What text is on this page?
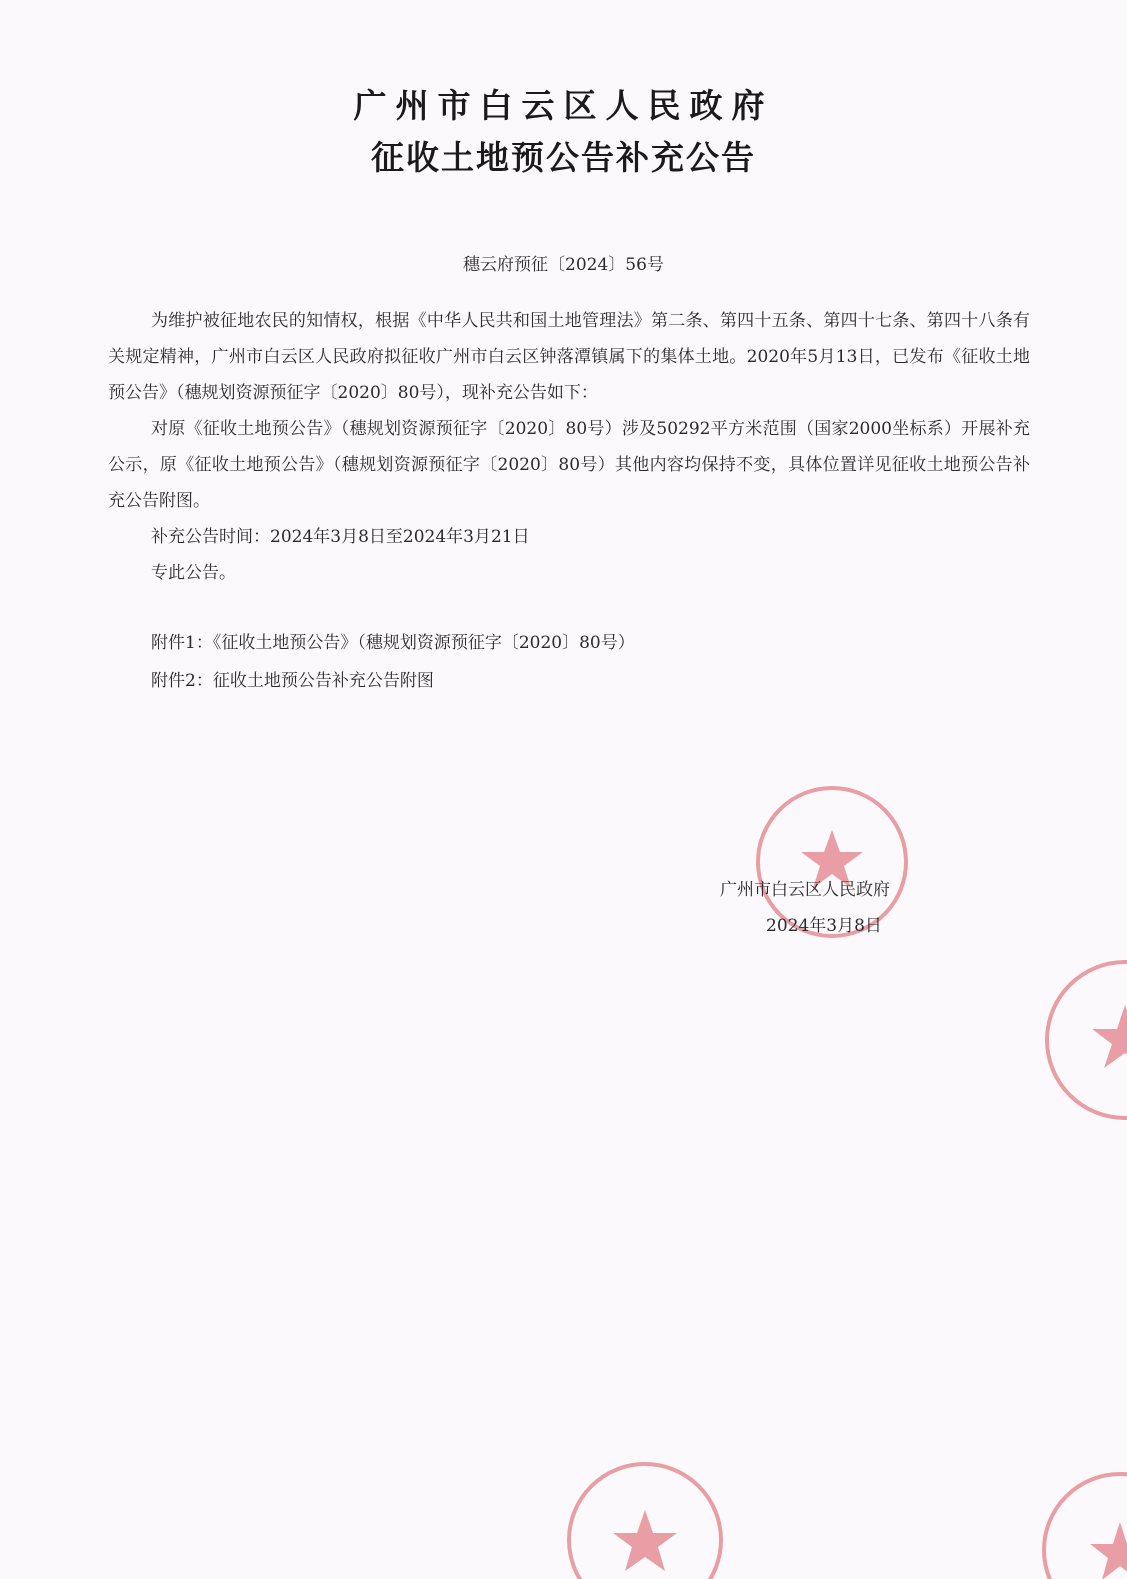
广州市白云区人民政府
征收土地预公告补充公告
穗云府预征〔2024〕56号

为维护被征地农民的知情权，根据《中华人民共和国土地管理法》第二条、第四十五条、第四十七条、第四十八条有关规定精神，广州市白云区人民政府拟征收广州市白云区钟落潭镇属下的集体土地。2020年5月13日，已发布《征收土地预公告》（穗规划资源预征字〔2020〕80号），现补充公告如下：

对原《征收土地预公告》（穗规划资源预征字〔2020〕80号）涉及50292平方米范围（国家2000坐标系）开展补充公示，原《征收土地预公告》（穗规划资源预征字〔2020〕80号）其他内容均保持不变，具体位置详见征收土地预公告补充公告附图。

补充公告时间：2024年3月8日至2024年3月21日

专此公告。

附件1：《征收土地预公告》（穗规划资源预征字〔2020〕80号）

附件2：征收土地预公告补充公告附图

广州市白云区人民政府
2024年3月8日
